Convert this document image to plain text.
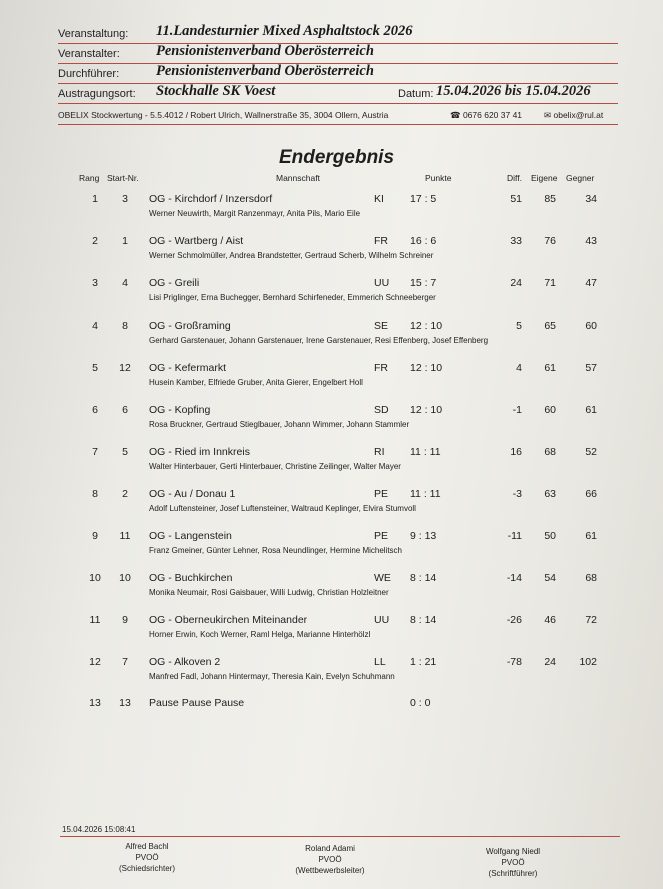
Veranstaltung: 11.Landesturnier Mixed Asphaltstock 2026
Veranstalter: Pensionistenverband Oberösterreich
Durchführer:	Pensionistenverband Oberösterreich
Austragungsort: Stockhalle SK Voest	Datum: 15.04.2026 bis 15.04.2026
OBELIX Stockwertung - 5.5.4012 / Robert Ulrich, Wallnerstraße 35, 3004 Ollern, Austria	☎ 0676 620 37 41	✉ obelix@rul.at
Endergebnis
Rang Start-Nr.	Mannschaft	Punkte	Diff. Eigene Gegner
1	3	OG - Kirchdorf / Inzersdorf	KI 17 : 5	51	85	34
Werner Neuwirth, Margit Ranzenmayr, Anita Pils, Mario Eile
2	1	OG - Wartberg / Aist	FR 16 : 6	33	76	43
Werner Schmolmüller, Andrea Brandstetter, Gertraud Scherb, Wilhelm Schreiner
3	4	OG - Greili	UU 15 : 7	24	71	47
Lisi Priglinger, Erna Buchegger, Bernhard Schirfeneder, Emmerich Schneeberger
4	8	OG - Großraming	SE 12 : 10	5	65	60
Gerhard Garstenauer, Johann Garstenauer, Irene Garstenauer, Resi Effenberg, Josef Effenberg
5	12 OG - Kefermarkt	FR 12 : 10	4	61	57
Husein Kamber, Elfriede Gruber, Anita Gierer, Engelbert Holl
6	6	OG - Kopfing	SD 12 : 10	-1	60	61
Rosa Bruckner, Gertraud Stieglbauer, Johann Wimmer, Johann Stammler
7	5	OG - Ried im Innkreis	RI 11 : 11	16	68	52
Walter Hinterbauer, Gerti Hinterbauer, Christine Zeilinger, Walter Mayer
8	2	OG - Au / Donau 1	PE 11 : 11	-3	63	66
Adolf Luftensteiner, Josef Luftensteiner, Waltraud Keplinger, Elvira Stumvoll
9	11 OG - Langenstein	PE 9 : 13	-11	50	61
Franz Gmeiner, Günter Lehner, Rosa Neundlinger, Hermine Michelitsch
10 10 OG - Buchkirchen	WE 8 : 14	-14	54	68
Monika Neumair, Rosi Gaisbauer, Willi Ludwig, Christian Holzleitner
11	9	OG - Oberneukirchen Miteinander	UU 8 : 14	-26	46	72
Horner Erwin, Koch Werner, Raml Helga, Marianne Hinterhölzl
12	7	OG - Alkoven 2	LL 1 : 21	-78	24	102
Manfred Fadl, Johann Hintermayr, Theresia Kain, Evelyn Schuhmann
13 13 Pause Pause Pause	0 : 0
15.04.2026 15:08:41
Alfred Bachl
PVOÖ
(Schiedsrichter)
Roland Adami
PVOÖ
(Wettbewerbsleiter)
Wolfgang Niedl
PVOÖ
(Schriftführer)
